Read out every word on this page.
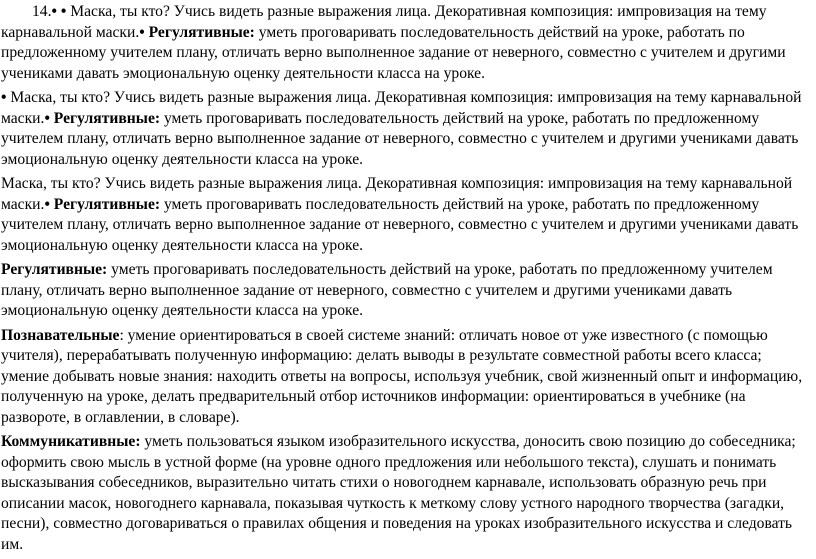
14.• • Маска, ты кто? Учись видеть разные выражения лица. Декоративная композиция: импровизация на тему карнавальной маски.• Регулятивные: уметь проговаривать последовательность действий на уроке, работать по предложенному учителем плану, отличать верно выполненное задание от неверного, совместно с учителем и другими учениками давать эмоциональную оценку деятельности класса на уроке.

• Маска, ты кто? Учись видеть разные выражения лица. Декоративная композиция: импровизация на тему карнавальной маски.• Регулятивные: уметь проговаривать последовательность действий на уроке, работать по предложенному учителем плану, отличать верно выполненное задание от неверного, совместно с учителем и другими учениками давать эмоциональную оценку деятельности класса на уроке.

Маска, ты кто? Учись видеть разные выражения лица. Декоративная композиция: импровизация на тему карнавальной маски.• Регулятивные: уметь проговаривать последовательность действий на уроке, работать по предложенному учителем плану, отличать верно выполненное задание от неверного, совместно с учителем и другими учениками давать эмоциональную оценку деятельности класса на уроке.

Регулятивные: уметь проговаривать последовательность действий на уроке, работать по предложенному учителем плану, отличать верно выполненное задание от неверного, совместно с учителем и другими учениками давать эмоциональную оценку деятельности класса на уроке.

Познавательные: умение ориентироваться в своей системе знаний: отличать новое от уже известного (с помощью учителя), перерабатывать полученную информацию: делать выводы в результате совместной работы всего класса; умение добывать новые знания: находить ответы на вопросы, используя учебник, свой жизненный опыт и информацию, полученную на уроке, делать предварительный отбор источников информации: ориентироваться в учебнике (на развороте, в оглавлении, в словаре).

Коммуникативные: уметь пользоваться языком изобразительного искусства, доносить свою позицию до собеседника; оформить свою мысль в устной форме (на уровне одного предложения или небольшого текста), слушать и понимать высказывания собеседников, выразительно читать стихи о новогоднем карнавале, использовать образную речь при описании масок, новогоднего карнавала, показывая чуткость к меткому слову устного народного творчества (загадки, песни), совместно договариваться о правилах общения и поведения на уроках изобразительного искусства и следовать им.
